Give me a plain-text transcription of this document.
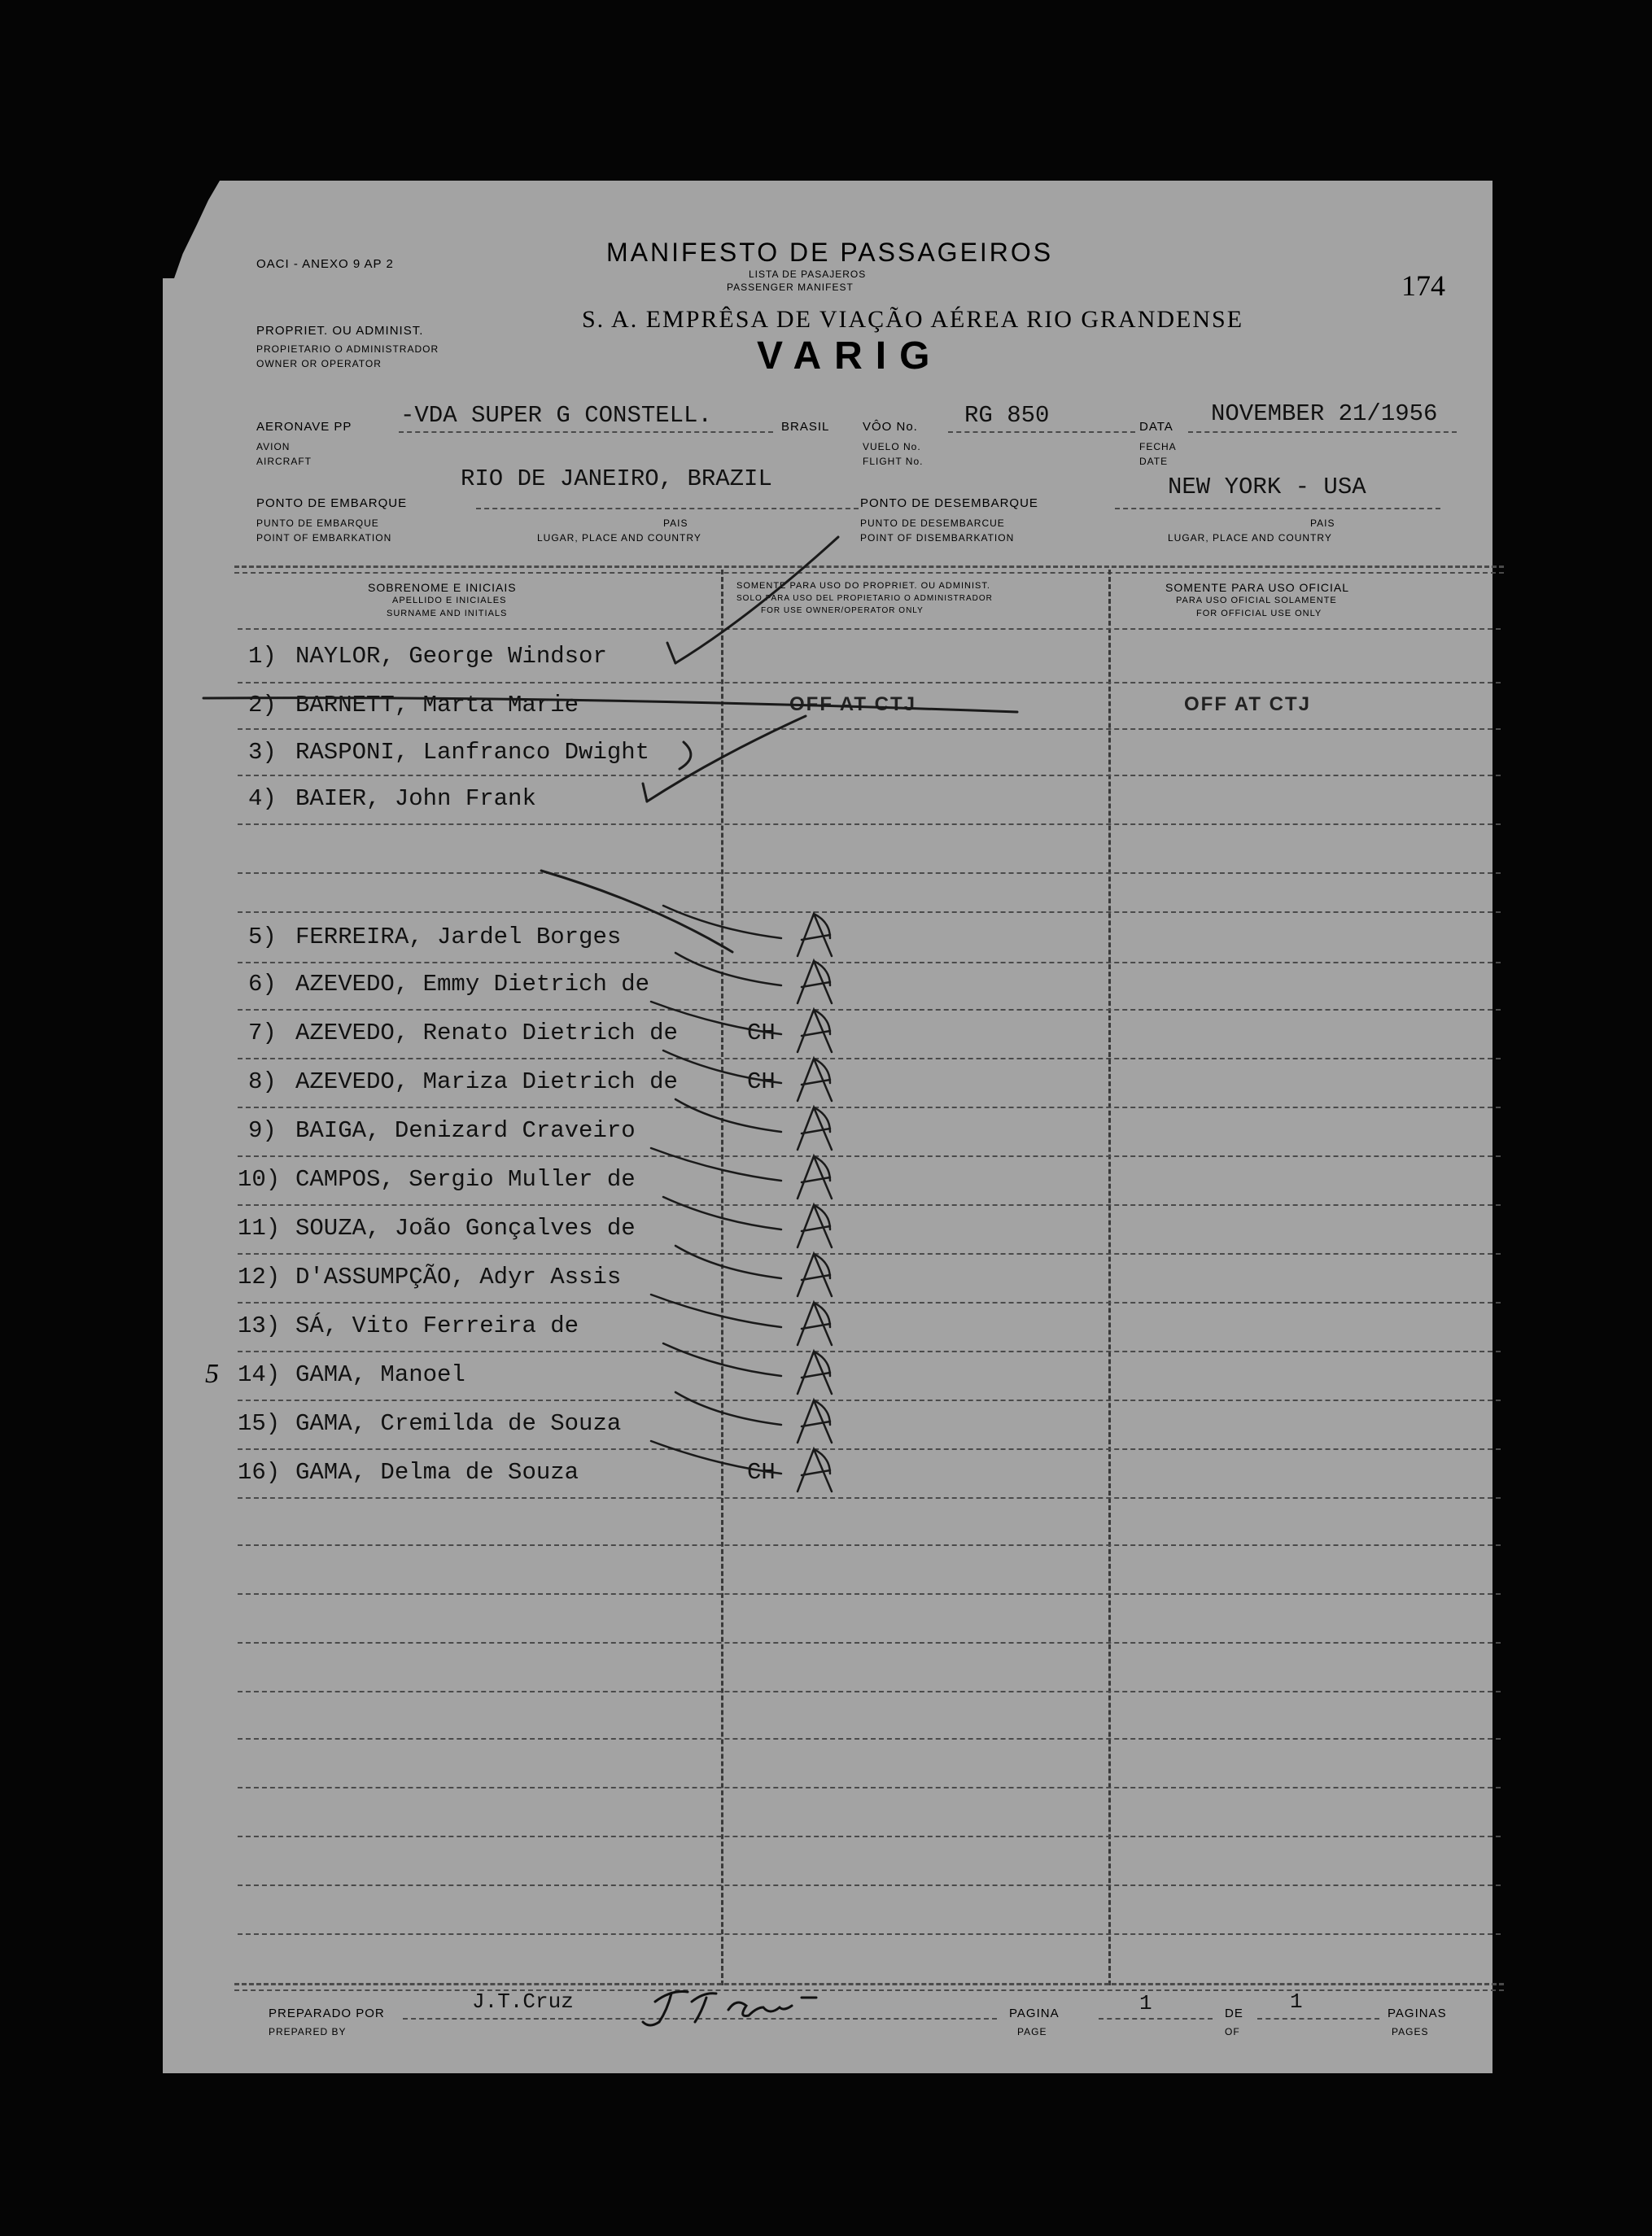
OACI - ANEXO 9 AP 2	MANIFESTO DE PASSAGEIROS
LISTA DE PASAJEROS
PASSENGER MANIFEST	174
PROPRIET. OU ADMINIST.
PROPIETARIO O ADMINISTRADOR
OWNER OR OPERATOR
S. A. EMPRÊSA DE VIAÇÃO AÉREA RIO GRANDENSE
VARIG
AERONAVE PP
AVION
AIRCRAFT
-VDA SUPER G CONSTELL.	BRASIL	VÔO No.
VUELO No.
FLIGHT No.
RG 850	DATA
FECHA
DATE
NOVEMBER 21/1956
RIO DE JANEIRO, BRAZIL
PONTO DE EMBARQUE
PUNTO DE EMBARQUE
POINT OF EMBARKATION
PAIS
LUGAR, PLACE AND COUNTRY
PONTO DE DESEMBARQUE
NEW YORK - USA
PUNTO DE DESEMBARCUE
POINT OF DISEMBARKATION
PAIS
LUGAR, PLACE AND COUNTRY
SOBRENOME E INICIAIS
APELLIDO E INICIALES
SURNAME AND INITIALS
SOMENTE PARA USO DO PROPRIET. OU ADMINIST.
SOLO PARA USO DEL PROPIETARIO O ADMINISTRADOR
FOR USE OWNER/OPERATOR ONLY
SOMENTE PARA USO OFICIAL
PARA USO OFICIAL SOLAMENTE
FOR OFFICIAL USE ONLY
1) NAYLOR, George Windsor
2) BARNETT, Marta Marie	OFF AT CTJ	OFF AT CTJ
3) RASPONI, Lanfranco Dwight
4) BAIER, John Frank
5) FERREIRA, Jardel Borges
6) AZEVEDO, Emmy Dietrich de
7) AZEVEDO, Renato Dietrich de	CH
8) AZEVEDO, Mariza Dietrich de	CH
9) BAIGA, Denizard Craveiro
10) CAMPOS, Sergio Muller de
11) SOUZA, João Gonçalves de
12) D'ASSUMPÇÃO, Adyr Assis
13) SÁ, Vito Ferreira de
14) GAMA, Manoel
15) GAMA, Cremilda de Souza
16) GAMA, Delma de Souza	CH
5
PREPARADO POR
PREPARED BY
J.T.Cruz	PAGINA
PAGE
1	DE
OF
1	PAGINAS
PAGES
